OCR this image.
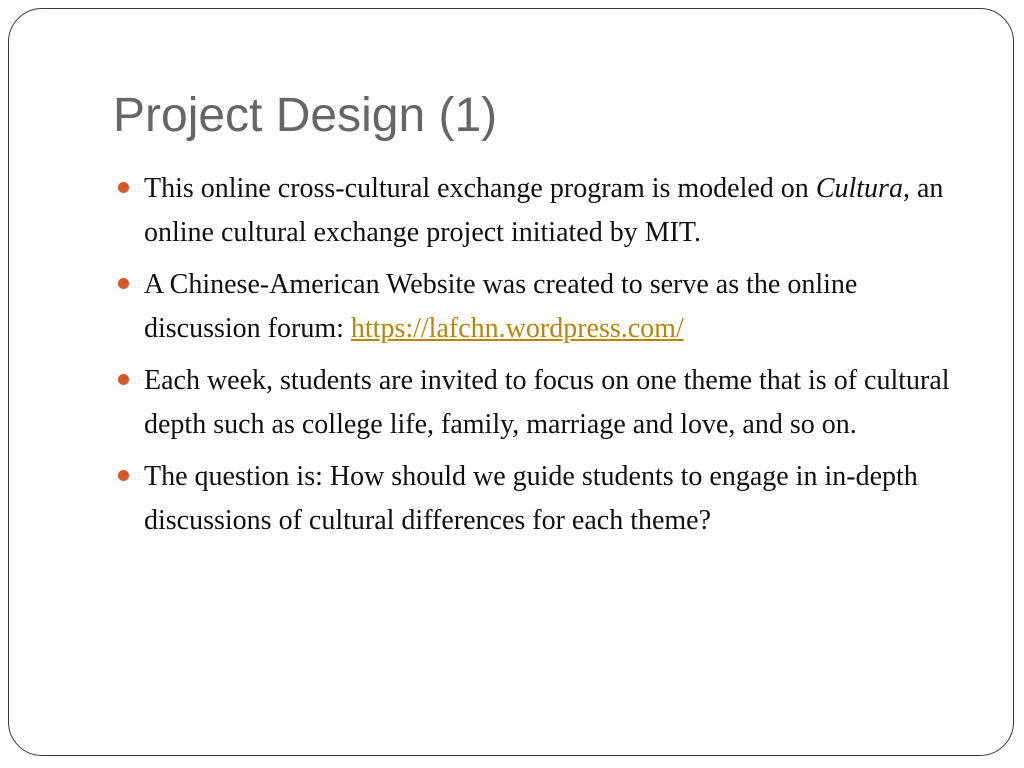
Project Design (1)
This online cross-cultural exchange program is modeled on Cultura, an online cultural exchange project initiated by MIT.
A Chinese-American Website was created to serve as the online discussion forum: https://lafchn.wordpress.com/
Each week, students are invited to focus on one theme that is of cultural depth such as college life, family, marriage and love, and so on.
The question is: How should we guide students to engage in in-depth discussions of cultural differences for each theme?
